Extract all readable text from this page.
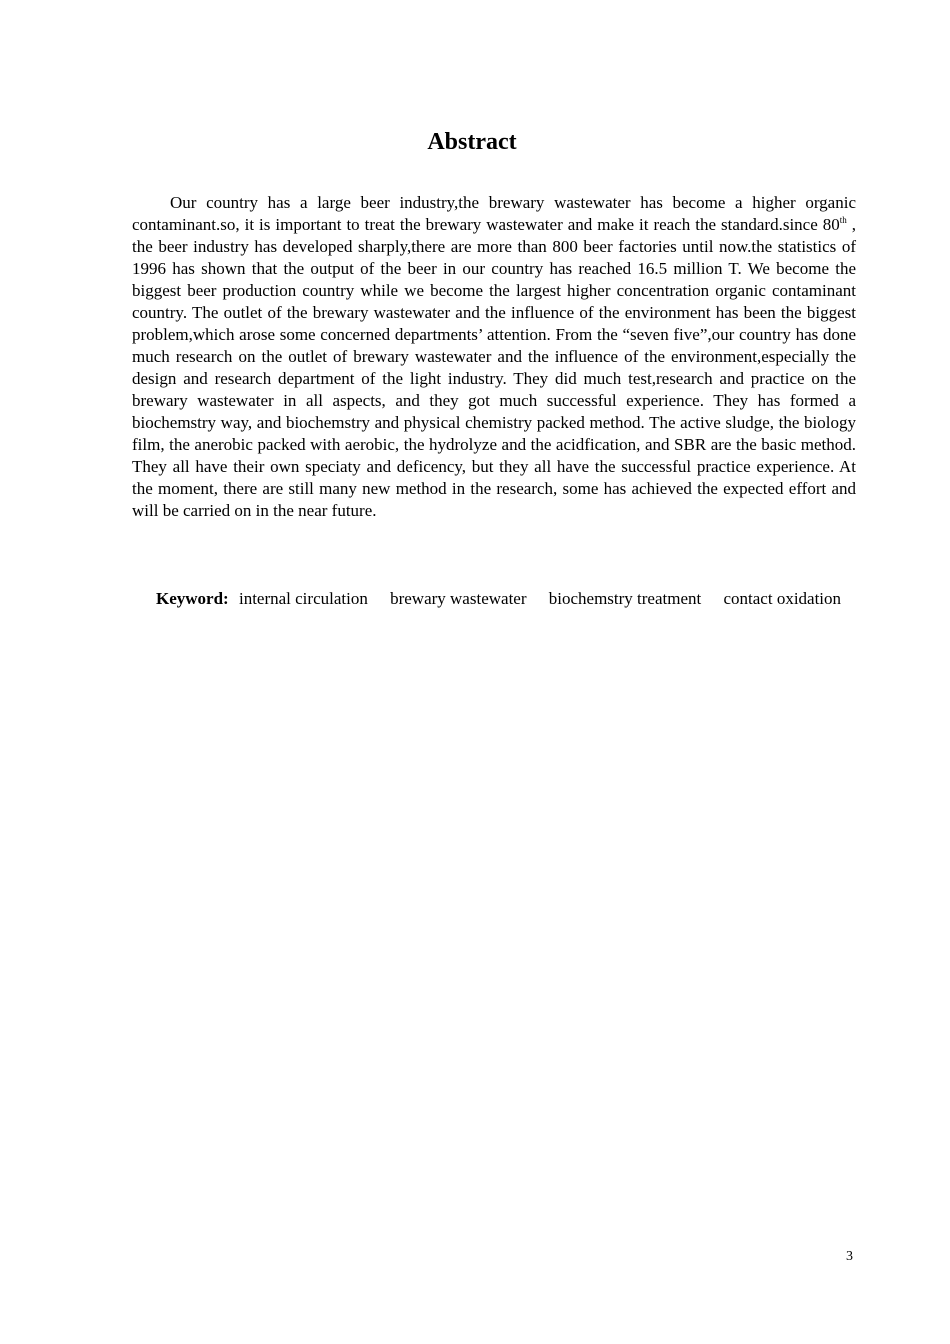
Abstract

Our country has a large beer industry,the brewary wastewater has become a higher organic contaminant.so, it is important to treat the brewary wastewater and make it reach the standard.since 80th , the beer industry has developed sharply,there are more than 800 beer factories until now.the statistics of 1996 has shown that the output of the beer in our country has reached 16.5 million T. We become the biggest beer production country while we become the largest higher concentration organic contaminant country. The outlet of the brewary wastewater and the influence of the environment has been the biggest problem,which arose some concerned departments’ attention. From the “seven five”,our country has done much research on the outlet of brewary wastewater and the influence of the environment,especially the design and research department of the light industry. They did much test,research and practice on the brewary wastewater in all aspects, and they got much successful experience. They has formed a biochemstry way, and biochemstry and physical chemistry packed method. The active sludge, the biology film, the anerobic packed with aerobic, the hydrolyze and the acidfication, and SBR are the basic method. They all have their own speciaty and deficency, but they all have the successful practice experience. At the moment, there are still many new method in the research, some has achieved the expected effort and will be carried on in the near future.

Keyword: internal circulation brewary wastewater biochemstry treatment contact oxidation

3
